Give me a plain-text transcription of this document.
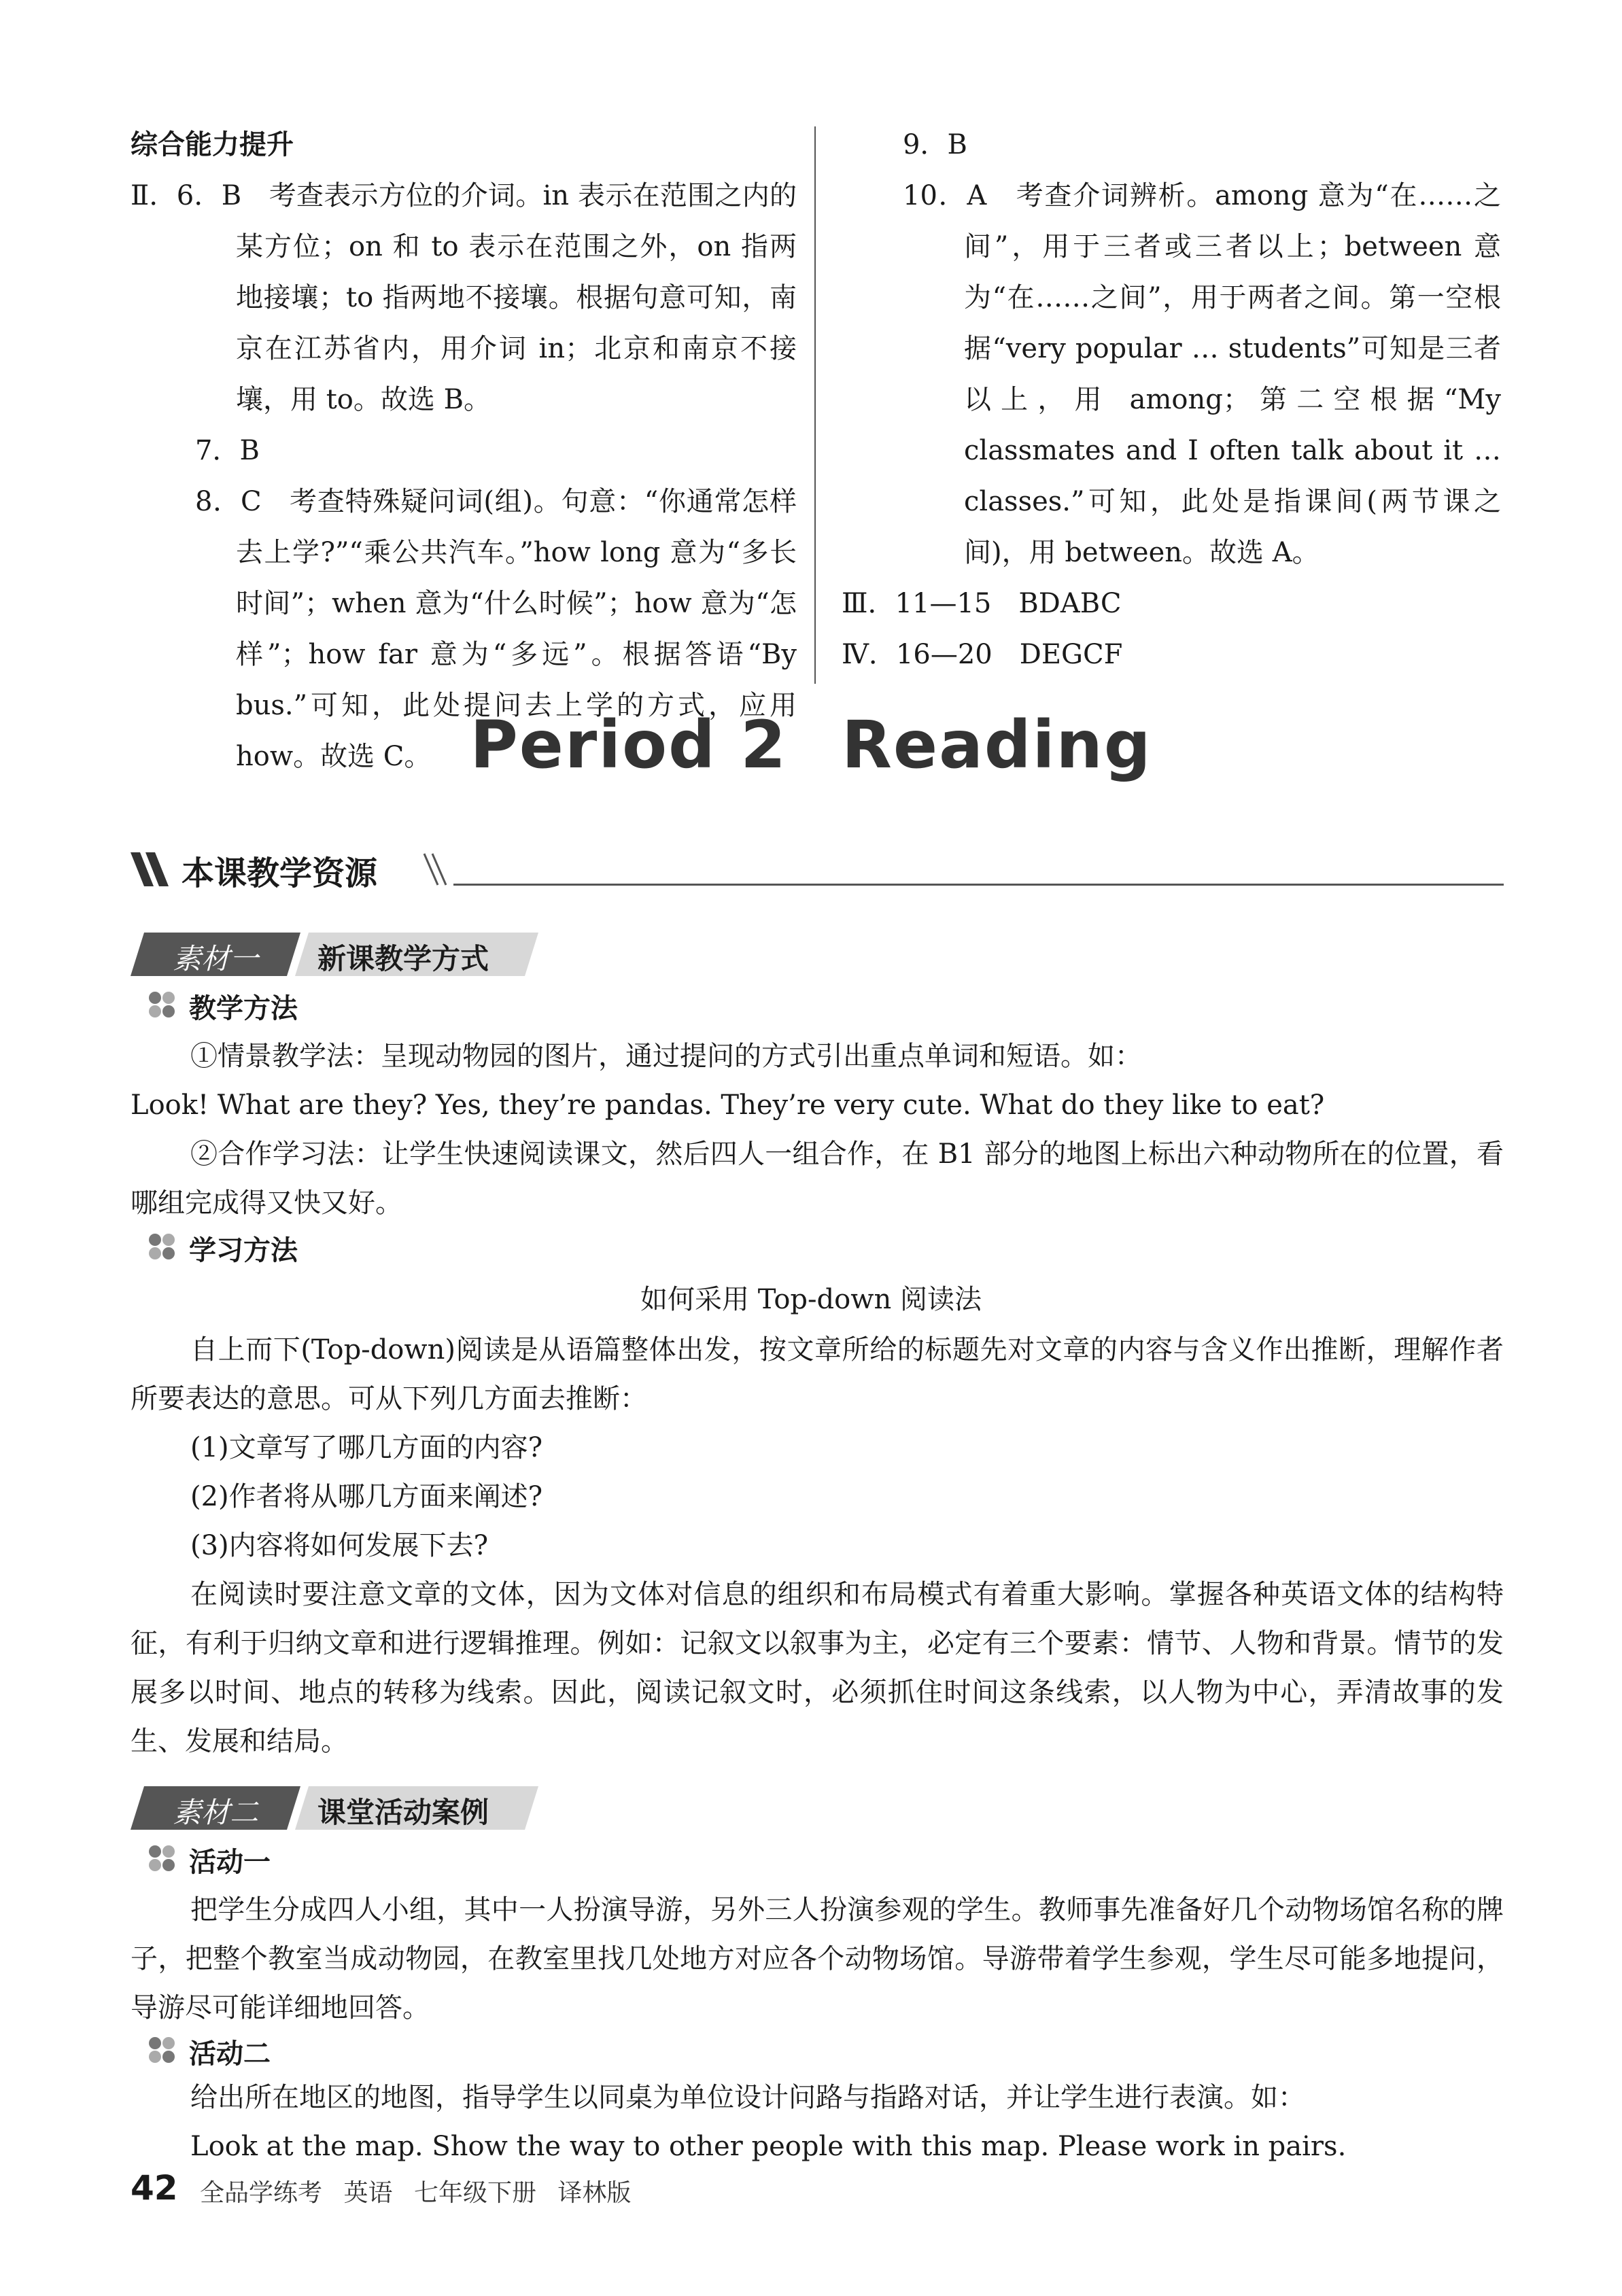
综合能力提升
Ⅱ．6．B　考查表示方位的介词。in 表示在范围之内的某方位；on 和 to 表示在范围之外，on 指两地接壤；to 指两地不接壤。根据句意可知，南京在江苏省内，用介词 in；北京和南京不接壤，用 to。故选 B。
7．B
8．C　考查特殊疑问词(组)。句意：“你通常怎样去上学?”“乘公共汽车。”how long 意为“多长时间”；when 意为“什么时候”；how 意为“怎样”；how far 意为“多远”。根据答语“By bus.”可知，此处提问去上学的方式，应用 how。故选 C。
9．B
10．A　考查介词辨析。among 意为“在……之间”，用于三者或三者以上；between 意为“在……之间”，用于两者之间。第一空根据“very popular … students”可知是三者以上，用 among；第二空根据“My classmates and I often talk about it … classes.”可知，此处是指课间(两节课之间)，用 between。故选 A。
Ⅲ．11—15　BDABC
Ⅳ．16—20　DEGCF
Period 2 Reading
本课教学资源
素材一 新课教学方式
教学方法
①情景教学法：呈现动物园的图片，通过提问的方式引出重点单词和短语。如：
Look! What are they? Yes, they’re pandas. They’re very cute. What do they like to eat?
②合作学习法：让学生快速阅读课文，然后四人一组合作，在 B1 部分的地图上标出六种动物所在的位置，看哪组完成得又快又好。
学习方法
如何采用 Top-down 阅读法
自上而下(Top-down)阅读是从语篇整体出发，按文章所给的标题先对文章的内容与含义作出推断，理解作者所要表达的意思。可从下列几方面去推断：
(1)文章写了哪几方面的内容?
(2)作者将从哪几方面来阐述?
(3)内容将如何发展下去?
在阅读时要注意文章的文体，因为文体对信息的组织和布局模式有着重大影响。掌握各种英语文体的结构特征，有利于归纳文章和进行逻辑推理。例如：记叙文以叙事为主，必定有三个要素：情节、人物和背景。情节的发展多以时间、地点的转移为线索。因此，阅读记叙文时，必须抓住时间这条线索，以人物为中心，弄清故事的发生、发展和结局。
素材二 课堂活动案例
活动一
把学生分成四人小组，其中一人扮演导游，另外三人扮演参观的学生。教师事先准备好几个动物场馆名称的牌子，把整个教室当成动物园，在教室里找几处地方对应各个动物场馆。导游带着学生参观，学生尽可能多地提问，导游尽可能详细地回答。
活动二
给出所在地区的地图，指导学生以同桌为单位设计问路与指路对话，并让学生进行表演。如：
Look at the map. Show the way to other people with this map. Please work in pairs.
42 全品学练考 英语 七年级下册 译林版
